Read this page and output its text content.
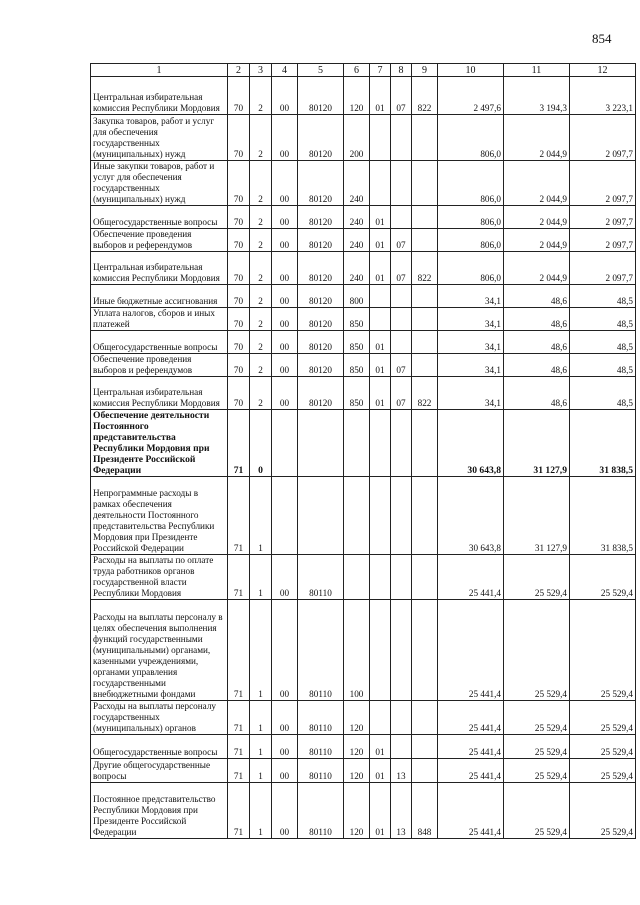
854
1	2	3	4	5	6	7	8	9	10	11	12
Центральная избирательная комиссия Республики Мордовия	70	2	00	80120	120	01	07	822	2 497,6	3 194,3	3 223,1
Закупка товаров, работ и услуг для обеспечения государственных (муниципальных) нужд	70	2	00	80120	200				806,0	2 044,9	2 097,7
Иные закупки товаров, работ и услуг для обеспечения государственных (муниципальных) нужд	70	2	00	80120	240				806,0	2 044,9	2 097,7
Общегосударственные вопросы	70	2	00	80120	240	01			806,0	2 044,9	2 097,7
Обеспечение проведения выборов и референдумов	70	2	00	80120	240	01	07		806,0	2 044,9	2 097,7
Центральная избирательная комиссия Республики Мордовия	70	2	00	80120	240	01	07	822	806,0	2 044,9	2 097,7
Иные бюджетные ассигнования	70	2	00	80120	800				34,1	48,6	48,5
Уплата налогов, сборов и иных платежей	70	2	00	80120	850				34,1	48,6	48,5
Общегосударственные вопросы	70	2	00	80120	850	01			34,1	48,6	48,5
Обеспечение проведения выборов и референдумов	70	2	00	80120	850	01	07		34,1	48,6	48,5
Центральная избирательная комиссия Республики Мордовия	70	2	00	80120	850	01	07	822	34,1	48,6	48,5
Обеспечение деятельности Постоянного представительства Республики Мордовия при Президенте Российской Федерации	71	0							30 643,8	31 127,9	31 838,5
Непрограммные расходы в рамках обеспечения деятельности Постоянного представительства Республики Мордовия при Президенте Российской Федерации	71	1							30 643,8	31 127,9	31 838,5
Расходы на выплаты по оплате труда работников органов государственной власти Республики Мордовия	71	1	00	80110					25 441,4	25 529,4	25 529,4
Расходы на выплаты персоналу в целях обеспечения выполнения функций государственными (муниципальными) органами, казенными учреждениями, органами управления государственными внебюджетными фондами	71	1	00	80110	100				25 441,4	25 529,4	25 529,4
Расходы на выплаты персоналу государственных (муниципальных) органов	71	1	00	80110	120				25 441,4	25 529,4	25 529,4
Общегосударственные вопросы	71	1	00	80110	120	01			25 441,4	25 529,4	25 529,4
Другие общегосударственные вопросы	71	1	00	80110	120	01	13		25 441,4	25 529,4	25 529,4
Постоянное представительство Республики Мордовия при Президенте Российской Федерации	71	1	00	80110	120	01	13	848	25 441,4	25 529,4	25 529,4
